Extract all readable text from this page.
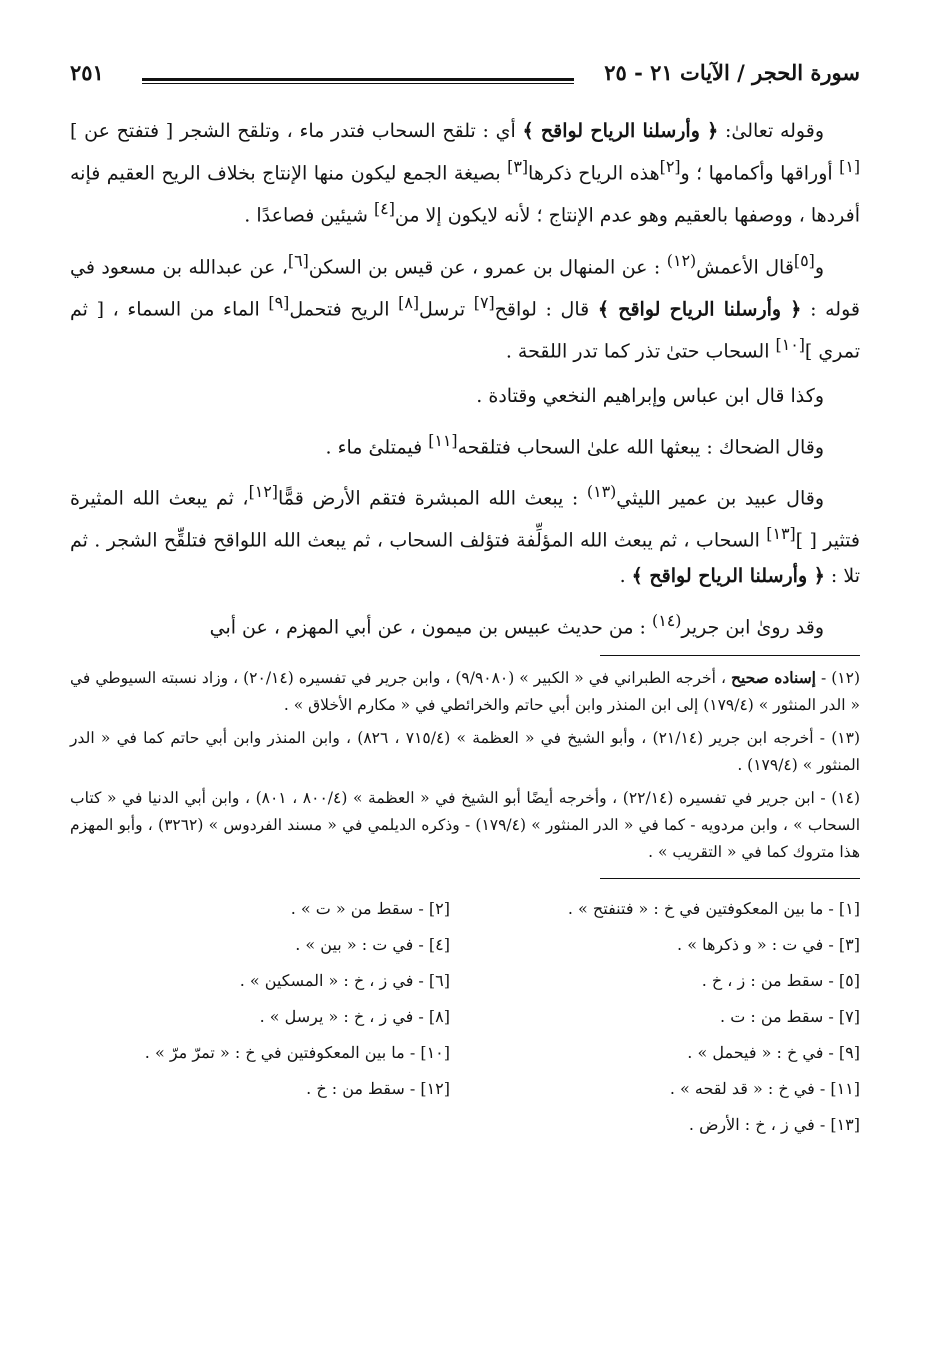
سورة الحجر / الآيات ٢١ - ٢٥
٢٥١

وقوله تعالىٰ: ﴿ وأرسلنا الرياح لواقح ﴾ أي : تلقح السحاب فتدر ماء ، وتلقح الشجر [ فتفتح عن ][١] أوراقها وأكمامها ؛ و[٢]هذه الرياح ذكرها[٣] بصيغة الجمع ليكون منها الإنتاج بخلاف الريح العقيم فإنه أفردها ، ووصفها بالعقيم وهو عدم الإنتاج ؛ لأنه لايكون إلا من[٤] شيئين فصاعدًا .

و[٥]قال الأعمش$^{(١٢)}$ : عن المنهال بن عمرو ، عن قيس بن السكن[٦]، عن عبدالله بن مسعود في قوله : ﴿ وأرسلنا الرياح لواقح ﴾ قال : لواقح[٧] ترسل[٨] الريح فتحمل[٩] الماء من السماء ، [ ثم تمري ][١٠] السحاب حتىٰ تذر كما تدر اللقحة .

وكذا قال ابن عباس وإبراهيم النخعي وقتادة .

وقال الضحاك : يبعثها الله علىٰ السحاب فتلقحه[١١] فيمتلئ ماء .

وقال عبيد بن عمير الليثي$^{(١٣)}$ : يبعث الله المبشرة فتقم الأرض قمًّا[١٢]، ثم يبعث الله المثيرة فتثير [ ][١٣] السحاب ، ثم يبعث الله المؤلِّفة فتؤلف السحاب ، ثم يبعث الله اللواقح فتلقِّح الشجر . ثم تلا : ﴿ وأرسلنا الرياح لواقح ﴾ .

وقد رویٰ ابن جرير$^{(١٤)}$ : من حديث عبيس بن ميمون ، عن أبي المهزم ، عن أبي

(١٢) - إسناده صحيح ، أخرجه الطبراني في « الكبير » (٩/٩٠٨٠) ، وابن جرير في تفسيره (٢٠/١٤) ، وزاد نسبته السيوطي في « الدر المنثور » (١٧٩/٤) إلى ابن المنذر وابن أبي حاتم والخرائطي في « مكارم الأخلاق » .

(١٣) - أخرجه ابن جرير (٢١/١٤) ، وأبو الشيخ في « العظمة » (٧١٥/٤ ، ٨٢٦) ، وابن المنذر وابن أبي حاتم كما في « الدر المنثور » (١٧٩/٤) .

(١٤) - ابن جرير في تفسيره (٢٢/١٤) ، وأخرجه أيضًا أبو الشيخ في « العظمة » (٨٠٠/٤ ، ٨٠١) ، وابن أبي الدنيا في « كتاب السحاب » ، وابن مردويه - كما في « الدر المنثور » (١٧٩/٤) - وذكره الديلمي في « مسند الفردوس » (٣٢٦٢) ، وأبو المهزم هذا متروك كما في « التقريب » .

[١] - ما بين المعكوفتين في خ : « فتنفتح » .
[٢] - سقط من « ت » .
[٣] - في ت : « و ذكرها » .
[٤] - في ت : « بين » .
[٥] - سقط من : ز ، خ .
[٦] - في ز ، خ : « المسكين » .
[٧] - سقط من : ت .
[٨] - في ز ، خ : « يرسل » .
[٩] - في خ : « فيحمل » .
[١٠] - ما بين المعكوفتين في خ : « تمرّ مرّ » .
[١١] - في خ : « قد لقحه » .
[١٢] - سقط من : خ .
[١٣] - في ز ، خ : الأرض .
